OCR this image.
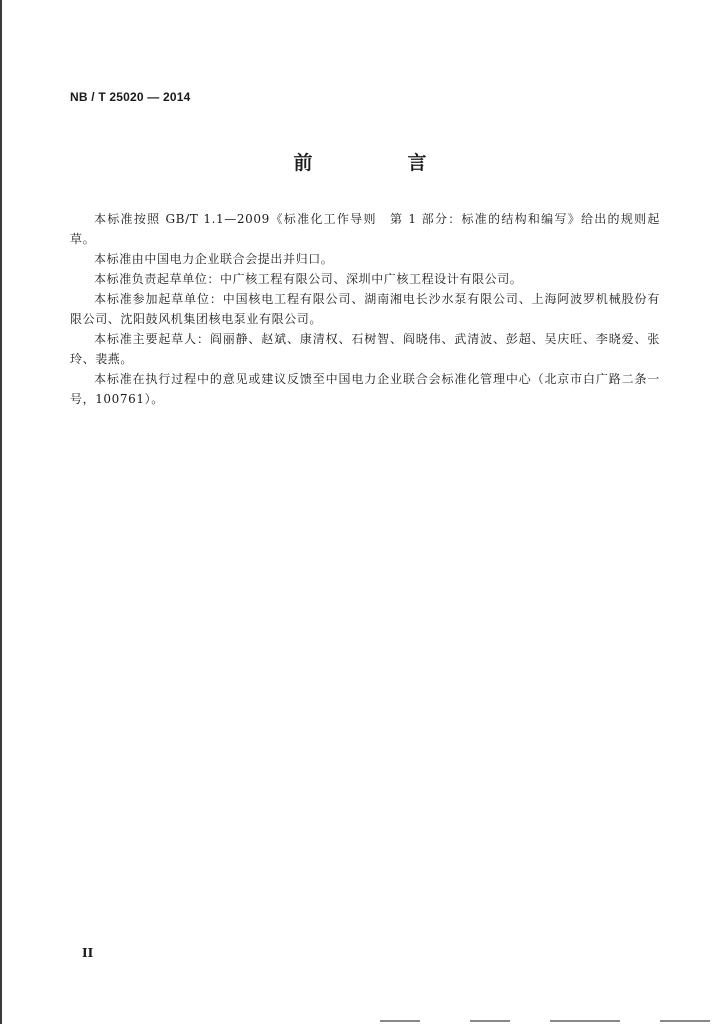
NB / T 25020 — 2014
前　言

本标准按照 GB/T 1.1—2009《标准化工作导则　第 1 部分：标准的结构和编写》给出的规则起草。

本标准由中国电力企业联合会提出并归口。

本标准负责起草单位：中广核工程有限公司、深圳中广核工程设计有限公司。

本标准参加起草单位：中国核电工程有限公司、湖南湘电长沙水泵有限公司、上海阿波罗机械股份有限公司、沈阳鼓风机集团核电泵业有限公司。

本标准主要起草人：阎丽静、赵斌、康清权、石树智、阎晓伟、武清波、彭超、吴庆旺、李晓爱、张玲、裴燕。

本标准在执行过程中的意见或建议反馈至中国电力企业联合会标准化管理中心（北京市白广路二条一号，100761）。

II
